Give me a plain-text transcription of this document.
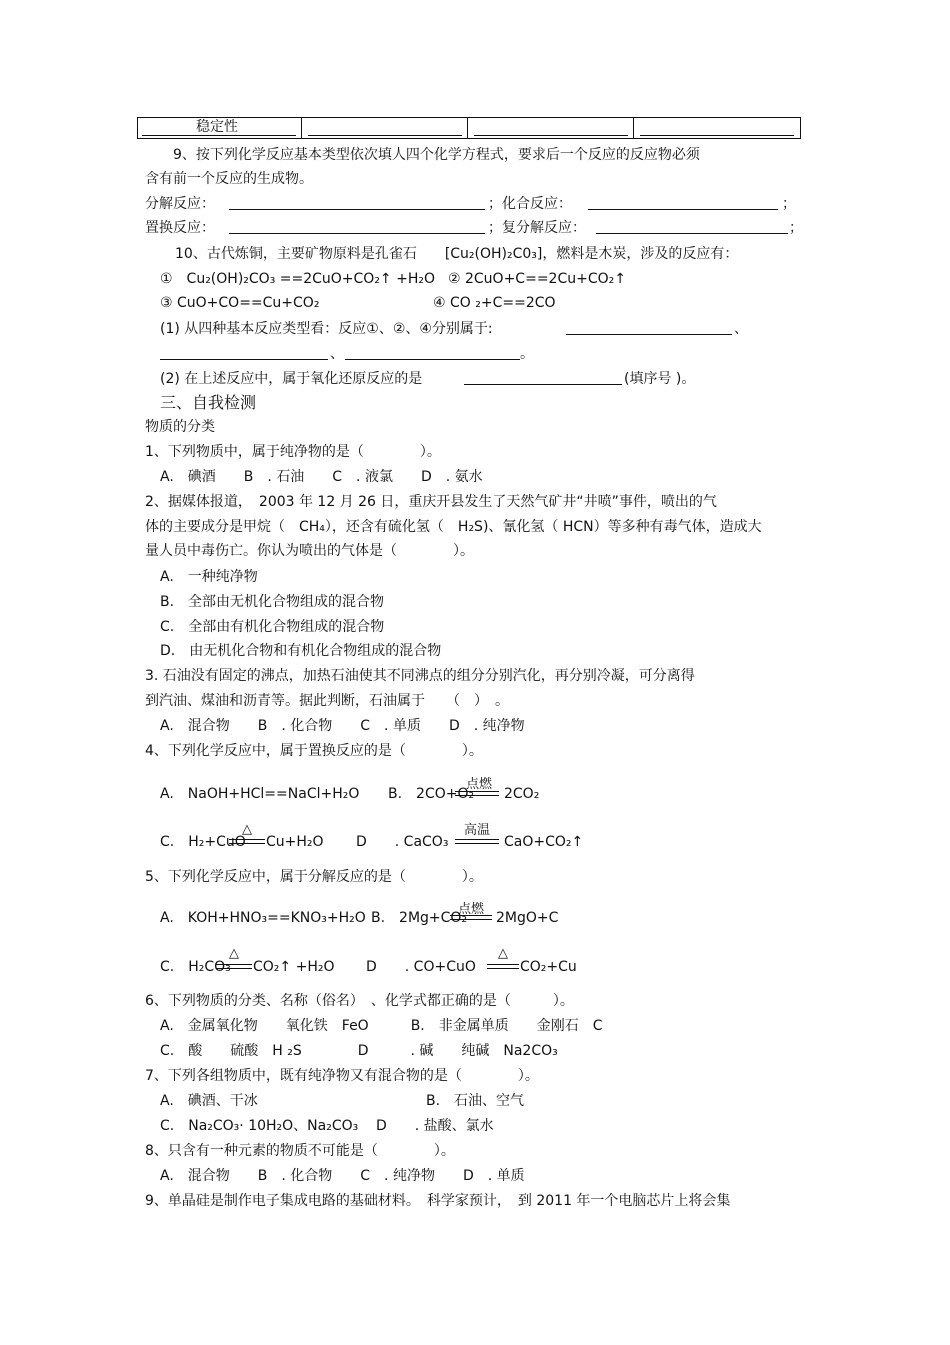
稳定性
9、按下列化学反应基本类型依次填人四个化学方程式，要求后一个反应的反应物必须
含有前一个反应的生成物。
分解反应：	； 化合反应：	；
置换反应：	； 复分解反应：	；
10、古代炼铜，主要矿物原料是孔雀石　　[Cu₂(OH)₂C0₃]，燃料是木炭，涉及的反应有：
①　Cu₂(OH)₂CO₃ ==2CuO+CO₂↑ +H₂O ② 2CuO+C==2Cu+CO₂↑
③ CuO+CO==Cu+CO₂	④ CO ₂+C==2CO
(1) 从四种基本反应类型看：反应①、②、④分别属于:	、
、	。
(2) 在上述反应中，属于氧化还原反应的是	(填序号 )。
三、自我检测
物质的分类
1、下列物质中，属于纯净物的是（　　　　）。
A.　碘酒　　B　. 石油　　C　. 液氯　　D　. 氨水
2、据媒体报道，　2003 年 12 月 26 日，重庆开县发生了天然气矿井“井喷”事件，喷出的气
体的主要成分是甲烷（　CH₄），还含有硫化氢（　H₂S)、氰化氢（ HCN）等多种有毒气体，造成大
量人员中毒伤亡。你认为喷出的气体是（　　　　）。
A.　一种纯净物
B.　全部由无机化合物组成的混合物
C.　全部由有机化合物组成的混合物
D.　由无机化合物和有机化合物组成的混合物
3. 石油没有固定的沸点，加热石油使其不同沸点的组分分别汽化，再分别冷凝，可分离得
到汽油、煤油和沥青等。据此判断，石油属于　　（　）　。
A.　混合物　　B　. 化合物　　C　. 单质　　D　. 纯净物
4、下列化学反应中，属于置换反应的是（　　　　）。
A.　NaOH+HCl==NaCl+H₂O B.　2CO+O₂
点燃
2CO₂
C.　H₂+CuO
△
Cu+H₂O D　　. CaCO₃
高温
CaO+CO₂↑
5、下列化学反应中，属于分解反应的是（　　　　）。
A.　KOH+HNO₃==KNO₃+H₂O B.　2Mg+CO₂
点燃
2MgO+C
C.　H₂CO₃
△
CO₂↑ +H₂O D　　. CO+CuO
△
CO₂+Cu
6、下列物质的分类、名称（俗名）　、化学式都正确的是（　　　）。
A.　金属氧化物　　氧化铁　FeO　　　B.　非金属单质　　金刚石　C
C.　酸　　硫酸　H ₂S　　　　D　　　. 碱　　纯碱　Na2CO₃
7、下列各组物质中，既有纯净物又有混合物的是（　　　　）。
A.　碘酒、干冰	B.　石油、空气
C.　Na₂CO₃· 10H₂O、Na₂CO₃ D　　. 盐酸、氯水
8、只含有一种元素的物质不可能是（　　　　）。
A.　混合物　　B　. 化合物　　C　. 纯净物　　D　. 单质
9、单晶硅是制作电子集成电路的基础材料。　科学家预计，　到 2011 年一个电脑芯片上将会集
